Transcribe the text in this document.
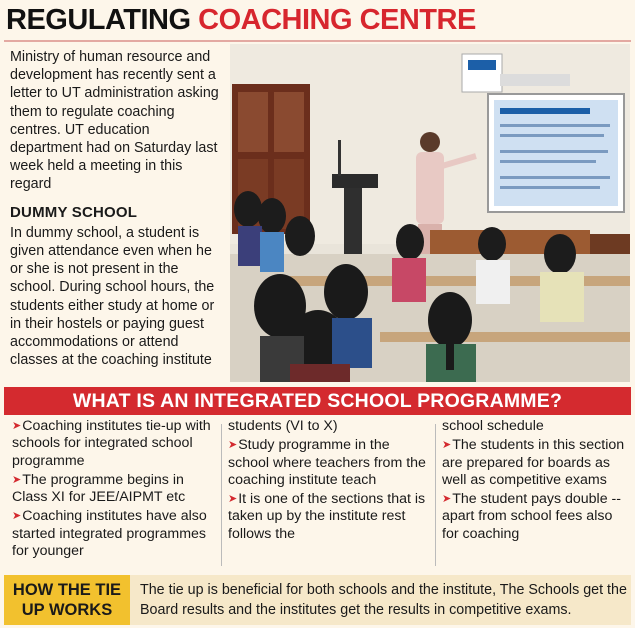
REGULATING COACHING CENTRE

Ministry of human resource and development has recently sent a letter to UT administration asking them to regulate coaching centres. UT education department had on Saturday last week held a meeting in this regard

DUMMY SCHOOL

In dummy school, a student is given attendance even when he or she is not present in the school. During school hours, the students either study at home or in their hostels or paying guest accommodations or attend classes at the coaching institute

WHAT IS AN INTEGRATED SCHOOL PROGRAMME?
➤Coaching institutes tie-up with schools for integrated school programme
➤The programme begins in Class XI for JEE/AIPMT etc
➤Coaching institutes have also started integrated programmes for younger
students (VI to X)
➤Study programme in the school where teachers from the coaching institute teach
➤It is one of the sections that is taken up by the institute rest follows the
school schedule
➤The students in this section are prepared for boards as well as competitive exams
➤The student pays double -- apart from school fees also for coaching
HOW THE TIE
UP WORKS
The tie up is beneficial for both schools and the institute, The Schools get the Board results and the institutes get the results in competitive exams.
